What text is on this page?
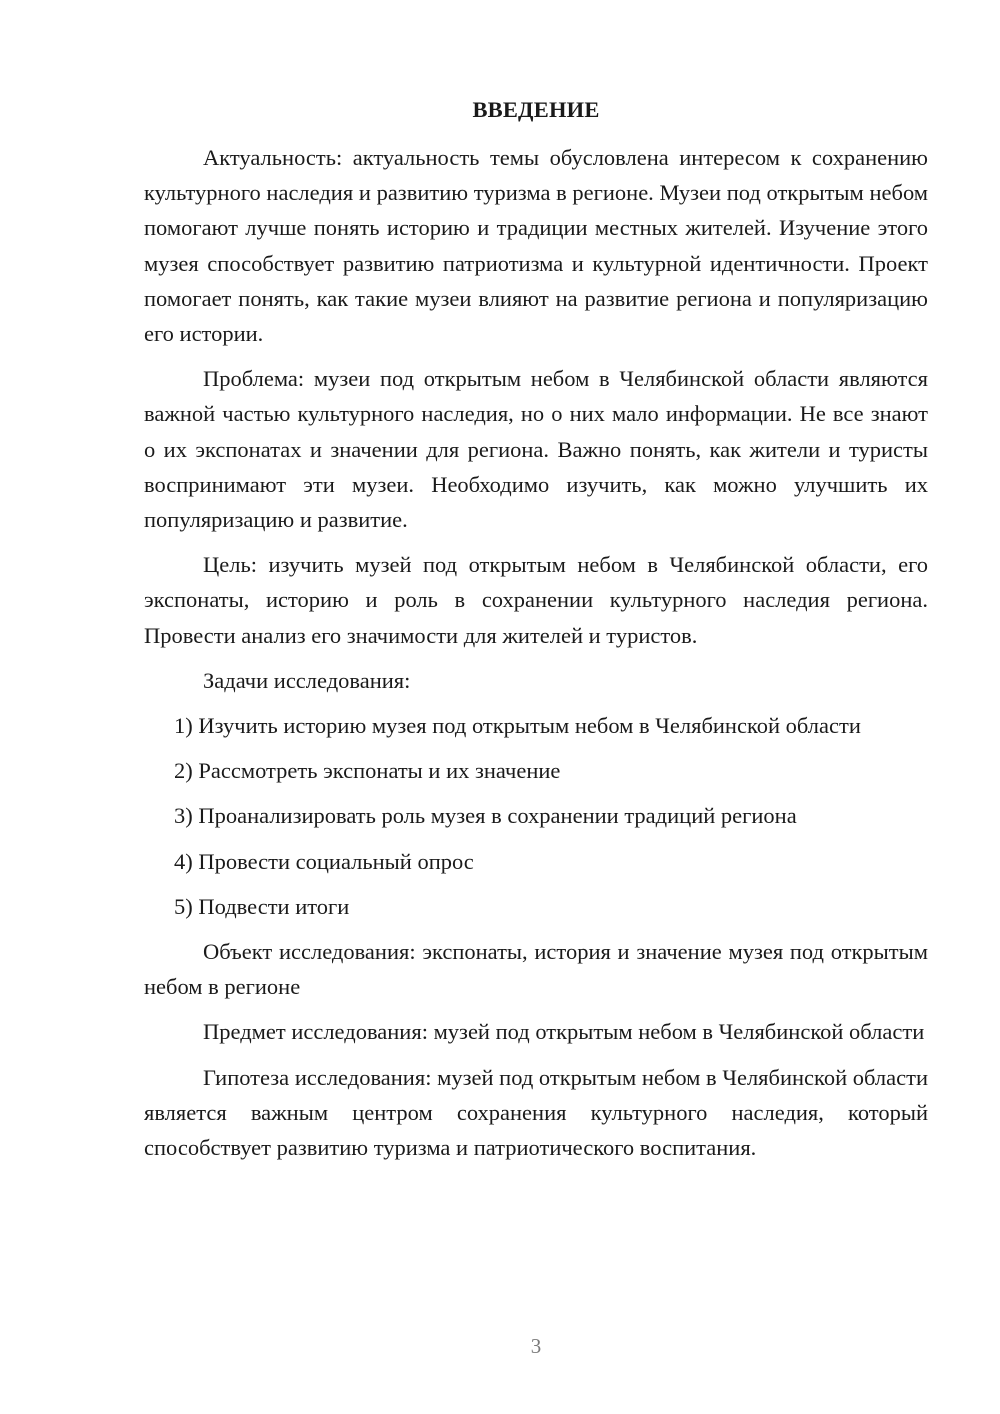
ВВЕДЕНИЕ

Актуальность: актуальность темы обусловлена интересом к сохранению культурного наследия и развитию туризма в регионе. Музеи под открытым небом помогают лучше понять историю и традиции местных жителей. Изучение этого музея способствует развитию патриотизма и культурной идентичности. Проект помогает понять, как такие музеи влияют на развитие региона и популяризацию его истории.

Проблема: музеи под открытым небом в Челябинской области являются важной частью культурного наследия, но о них мало информации. Не все знают о их экспонатах и значении для региона. Важно понять, как жители и туристы воспринимают эти музеи. Необходимо изучить, как можно улучшить их популяризацию и развитие.

Цель: изучить музей под открытым небом в Челябинской области, его экспонаты, историю и роль в сохранении культурного наследия региона. Провести анализ его значимости для жителей и туристов.

Задачи исследования:

1) Изучить историю музея под открытым небом в Челябинской области

2) Рассмотреть экспонаты и их значение

3) Проанализировать роль музея в сохранении традиций региона

4) Провести социальный опрос

5) Подвести итоги

Объект исследования: экспонаты, история и значение музея под открытым небом в регионе

Предмет исследования: музей под открытым небом в Челябинской области

Гипотеза исследования: музей под открытым небом в Челябинской области является важным центром сохранения культурного наследия, который способствует развитию туризма и патриотического воспитания.

3
